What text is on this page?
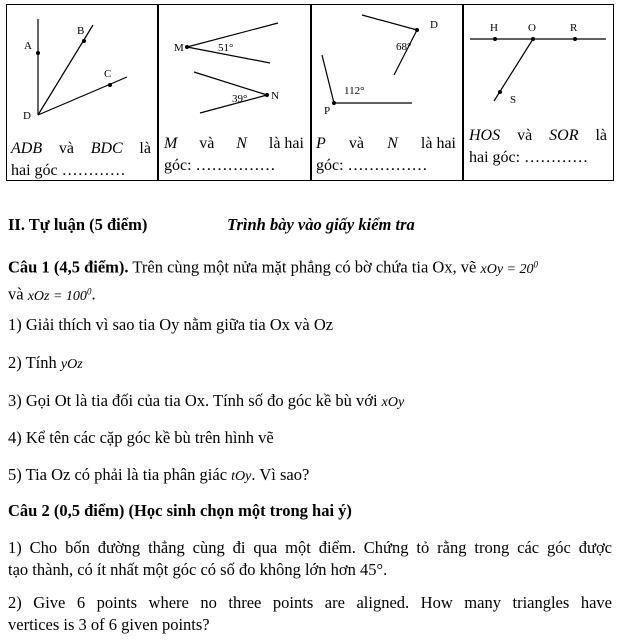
A
B
C
D
M
N
51°
39°
D
P
68°
112°
H	O	R
S
ADB và BDC là
hai góc …………
M và N là hai
góc: ……………
P và N là hai
góc: ……………
HOS và SOR là
hai góc: …………
II. Tự luận (5 điểm)	Trình bày vào giấy kiểm tra
Câu 1 (4,5 điểm). Trên cùng một nửa mặt phẳng có bờ chứa tia Ox, vẽ xOy = $20^0$
và xOz = $100^0$.
1) Giải thích vì sao tia Oy nằm giữa tia Ox và Oz
2) Tính yOz
3) Gọi Ot là tia đối của tia Ox. Tính số đo góc kề bù với xOy
4) Kể tên các cặp góc kề bù trên hình vẽ
5) Tia Oz có phải là tia phân giác tOy. Vì sao?
Câu 2 (0,5 điểm) (Học sinh chọn một trong hai ý)
1) Cho bốn đường thẳng cùng đi qua một điểm. Chứng tỏ rằng trong các góc được
tạo thành, có ít nhất một góc có số đo không lớn hơn 45°.
2) Give 6 points where no three points are aligned. How many triangles have
vertices is 3 of 6 given points?
